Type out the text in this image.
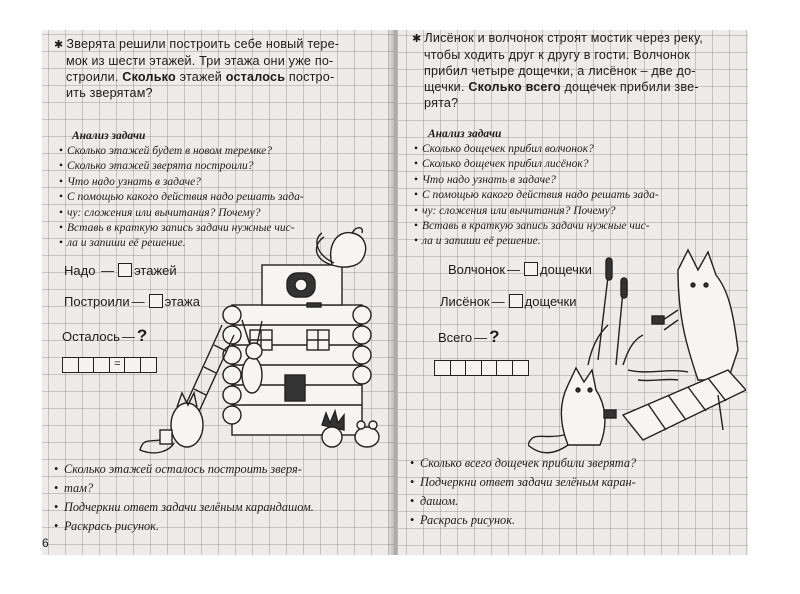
✱ Зверята решили построить себе новый тере-
мок из шести этажей. Три этажа они уже по-
строили. Сколько этажей осталось постро-
ить зверятам?
Анализ задачи
• Сколько этажей будет в новом теремке?
• Сколько этажей зверята построили?
• Что надо узнать в задаче?
• С помощью какого действия надо решать зада-
• чу: сложения или вычитания? Почему?
• Вставь в краткую запись задачи нужные чис-
• ла и запиши её решение.
Надо — этажей
Построили — этажа
Осталось — ?
=
• Сколько этажей осталось построить зверя-
• там?
• Подчеркни ответ задачи зелёным карандашом.
• Раскрась рисунок.
6
✱ Лисёнок и волчонок строят мостик через реку,
чтобы ходить друг к другу в гости. Волчонок
прибил четыре дощечки, а лисёнок – две до-
щечки. Сколько всего дощечек прибили зве-
рята?
Анализ задачи
• Сколько дощечек прибил волчонок?
• Сколько дощечек прибил лисёнок?
• Что надо узнать в задаче?
• С помощью какого действия надо решать зада-
• чу: сложения или вычитания? Почему?
• Вставь в краткую запись задачи нужные чис-
• ла и запиши её решение.
Волчонок — дощечки
Лисёнок — дощечки
Всего — ?
• Сколько всего дощечек прибили зверята?
• Подчеркни ответ задачи зелёным каран-
• дашом.
• Раскрась рисунок.
